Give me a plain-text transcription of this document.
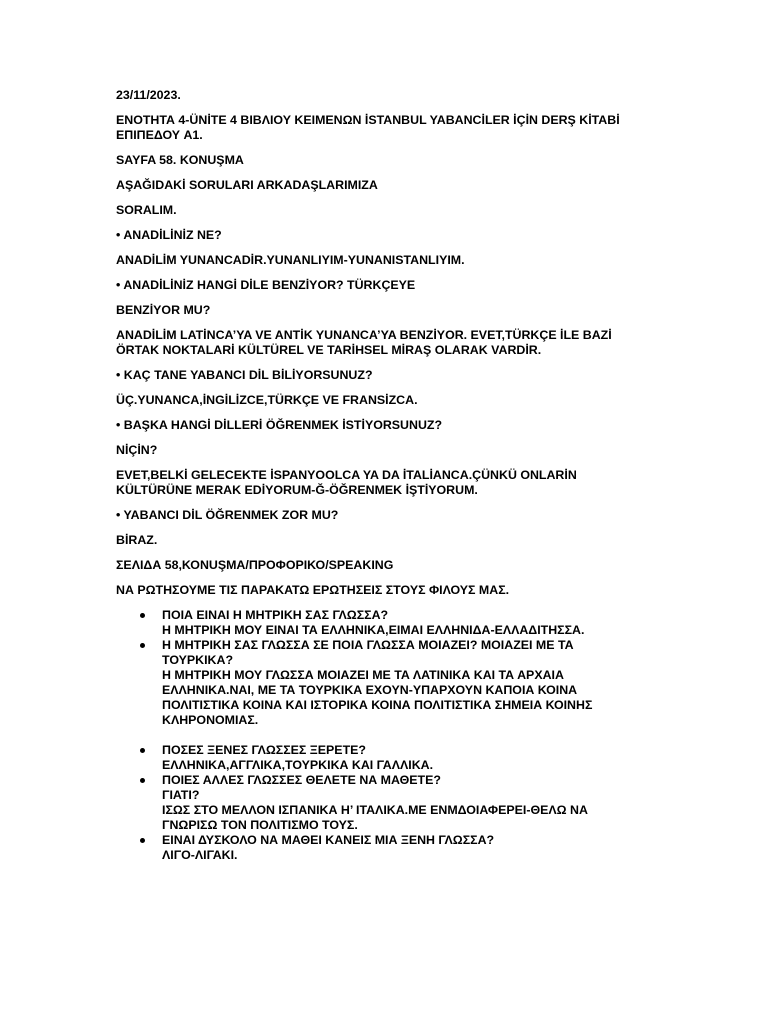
23/11/2023.

ΕΝΟΤΗΤΑ 4-ÜNİTE 4 ΒΙΒΛΙΟΥ ΚΕΙΜΕΝΩΝ İSTANBUL YABANCİLER İÇİN DERŞ KİTABİ
ΕΠΙΠΕΔΟΥ A1.

SAYFA 58. KONUŞMA

AŞAĞIDAKİ SORULARI ARKADAŞLARIMIZA

SORALIM.

• ANADİLİNİZ NE?

ANADİLİM YUNANCADİR.YUNANLIYIM-YUNANISTANLIYIM.

• ANADİLİNİZ HANGİ DİLE BENZİYOR? TÜRKÇEYE

BENZİYOR MU?

ANADİLİM LATİNCA’YA VE ANTİK YUNANCA’YA BENZİYOR. EVET,TÜRKÇE İLE BAZİ
ÖRTAK NOKTALARİ KÜLTÜREL VE TARİHSEL MİRAŞ OLARAK VARDİR.

• KAÇ TANE YABANCI DİL BİLİYORSUNUZ?

ÜÇ.YUNANCA,İNGİLİZCE,TÜRKÇE VE FRANSİZCA.

• BAŞKA HANGİ DİLLERİ ÖĞRENMEK İSTİYORSUNUZ?

NİÇİN?

EVET,BELKİ GELECEKTE İSPANYOOLCA YA DA İTALİANCA.ÇÜNKÜ ONLARİN
KÜLTÜRÜNE MERAK EDİYORUM-Ğ-ÖĞRENMEK İŞTİYORUM.

• YABANCI DİL ÖĞRENMEK ZOR MU?

BİRAZ.

ΣΕΛΙΔΑ 58,ΚΟΝUŞMA/ΠΡΟΦΟΡΙΚΟ/SPEAKING

ΝΑ ΡΩΤΗΣΟΥΜΕ ΤΙΣ ΠΑΡΑΚΑΤΩ ΕΡΩΤΗΣΕΙΣ ΣΤΟΥΣ ΦΙΛΟΥΣ ΜΑΣ.

ΠΟΙΑ ΕΙΝΑΙ Η ΜΗΤΡΙΚΗ ΣΑΣ ΓΛΩΣΣΑ?
Η ΜΗΤΡΙΚΗ ΜΟΥ ΕΙΝΑΙ ΤΑ ΕΛΛΗΝΙΚΑ,ΕΙΜΑΙ ΕΛΛΗΝΙΔΑ-ΕΛΛΑΔΙΤΗΣΣΑ.
Η ΜΗΤΡΙΚΗ ΣΑΣ ΓΛΩΣΣΑ ΣΕ ΠΟΙΑ ΓΛΩΣΣΑ ΜΟΙΑΖΕΙ? ΜΟΙΑΖΕΙ ΜΕ ΤΑ
ΤΟΥΡΚΙΚΑ?
Η ΜΗΤΡΙΚΗ ΜΟΥ ΓΛΩΣΣΑ ΜΟΙΑΖΕΙ ΜΕ ΤΑ ΛΑΤΙΝΙΚΑ ΚΑΙ ΤΑ ΑΡΧΑΙΑ
ΕΛΛΗΝΙΚΑ.ΝΑΙ, ΜΕ ΤΑ ΤΟΥΡΚΙΚΑ ΕΧΟΥΝ-ΥΠΑΡΧΟΥΝ ΚΑΠΟΙΑ ΚΟΙΝΑ
ΠΟΛΙΤΙΣΤΙΚΑ ΚΟΙΝΑ ΚΑΙ ΙΣΤΟΡΙΚΑ ΚΟΙΝΑ ΠΟΛΙΤΙΣΤΙΚΑ ΣΗΜΕΙΑ ΚΟΙΝΗΣ
ΚΛΗΡΟΝΟΜΙΑΣ.
ΠΟΣΕΣ ΞΕΝΕΣ ΓΛΩΣΣΕΣ ΞΕΡΕΤΕ?
ΕΛΛΗΝΙΚΑ,ΑΓΓΛΙΚΑ,ΤΟΥΡΚΙΚΑ ΚΑΙ ΓΑΛΛΙΚΑ.
ΠΟΙΕΣ ΑΛΛΕΣ ΓΛΩΣΣΕΣ ΘΕΛΕΤΕ ΝΑ ΜΑΘΕΤΕ?
ΓΙΑΤΙ?
ΙΣΩΣ ΣΤΟ ΜΕΛΛΟΝ ΙΣΠΑΝΙΚΑ Η’ ΙΤΑΛΙΚΑ.ΜΕ ΕΝΜΔΟΙΑΦΕΡΕΙ-ΘΕΛΩ ΝΑ
ΓΝΩΡΙΣΩ ΤΟΝ ΠΟΛΙΤΙΣΜΟ ΤΟΥΣ.
ΕΙΝΑΙ ΔΥΣΚΟΛΟ ΝΑ ΜΑΘΕΙ ΚΑΝΕΙΣ ΜΙΑ ΞΕΝΗ ΓΛΩΣΣΑ?
ΛΙΓΟ-ΛΙΓΑΚΙ.
